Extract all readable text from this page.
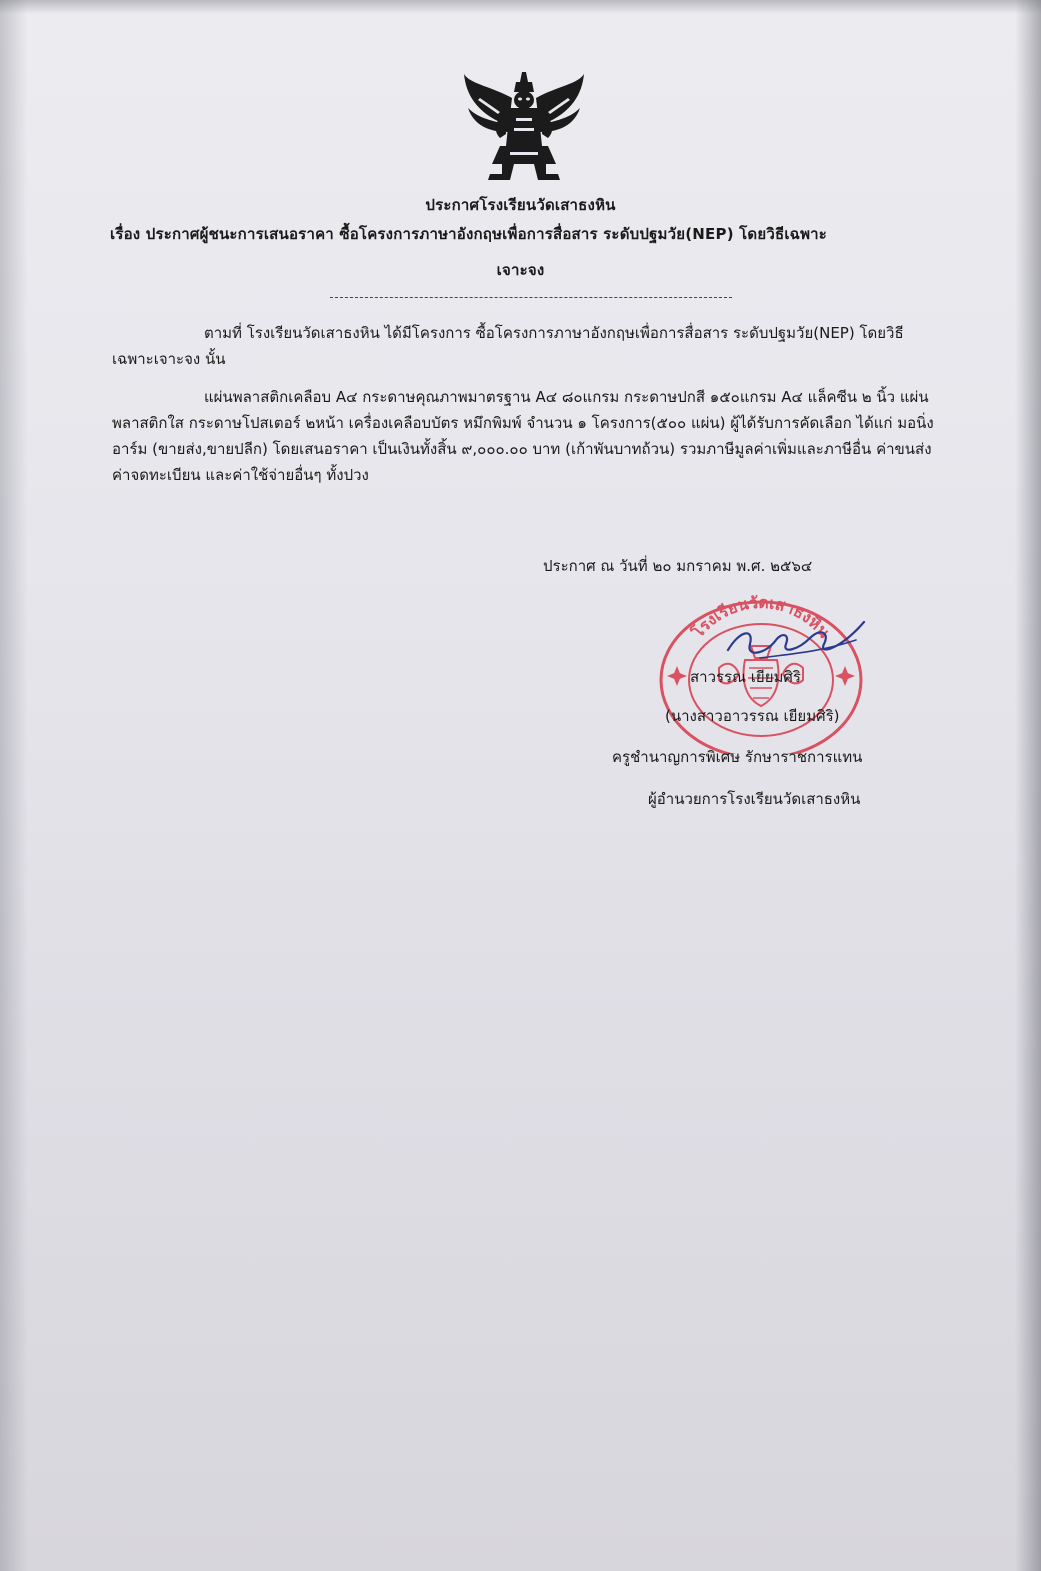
ประกาศโรงเรียนวัดเสาธงหิน
เรื่อง ประกาศผู้ชนะการเสนอราคา ซื้อโครงการภาษาอังกฤษเพื่อการสื่อสาร ระดับปฐมวัย(NEP) โดยวิธีเฉพาะ
เจาะจง
ตามที่ โรงเรียนวัดเสาธงหิน ได้มีโครงการ ซื้อโครงการภาษาอังกฤษเพื่อการสื่อสาร ระดับปฐมวัย(NEP) โดยวิธีเฉพาะเจาะจง นั้น
แผ่นพลาสติกเคลือบ A๔ กระดาษคุณภาพมาตรฐาน A๔ ๘๐แกรม กระดาษปกสี ๑๕๐แกรม A๔ แล็คซีน ๒ นิ้ว แผ่นพลาสติกใส กระดาษโปสเตอร์ ๒หน้า เครื่องเคลือบบัตร หมึกพิมพ์ จำนวน ๑ โครงการ(๕๐๐ แผ่น) ผู้ได้รับการคัดเลือก ได้แก่ มอนิ่งอาร์ม (ขายส่ง,ขายปลีก) โดยเสนอราคา เป็นเงินทั้งสิ้น ๙,๐๐๐.๐๐ บาท (เก้าพันบาทถ้วน) รวมภาษีมูลค่าเพิ่มและภาษีอื่น ค่าขนส่ง ค่าจดทะเบียน และค่าใช้จ่ายอื่นๆ ทั้งปวง
ประกาศ ณ วันที่ ๒๐ มกราคม พ.ศ. ๒๕๖๔
โรงเรียนวัดเสาธงหิน
สาวรรณ เยียมศิริ
(นางสาวอาวรรณ เยียมศิริ)
ครูชำนาญการพิเศษ รักษาราชการแทน
ผู้อำนวยการโรงเรียนวัดเสาธงหิน
